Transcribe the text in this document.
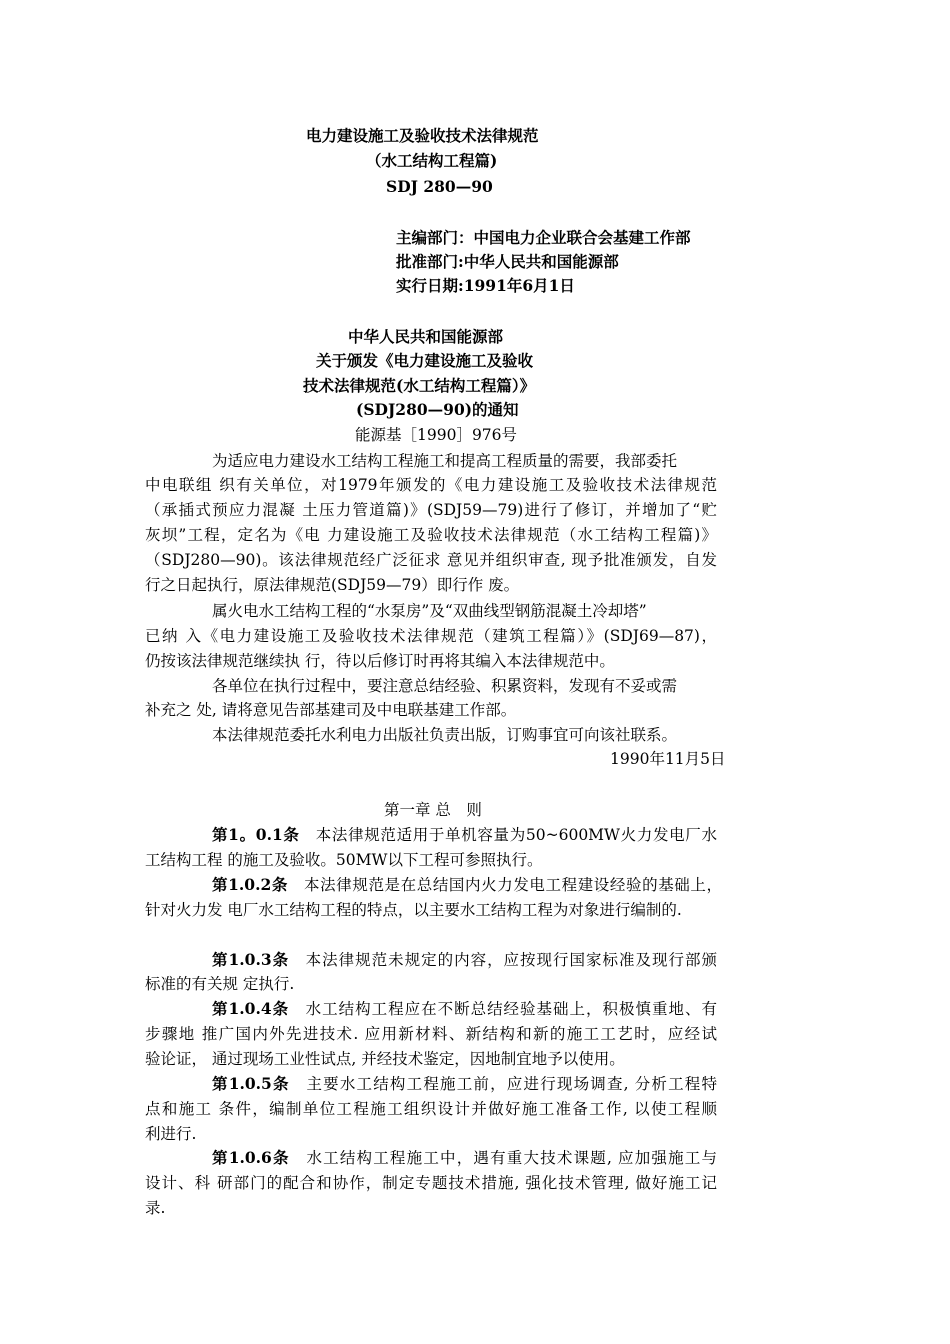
电力建设施工及验收技术法律规范
（水工结构工程篇)
SDJ 280—90
主编部门：中国电力企业联合会基建工作部
批准部门:中华人民共和国能源部
实行日期:1991年6月1日
中华人民共和国能源部
关于颁发《电力建设施工及验收
技术法律规范(水工结构工程篇）》
(SDJ280—90)的通知
能源基［1990］976号
为适应电力建设水工结构工程施工和提高工程质量的需要，我部委托
中电联组 织有关单位，对1979年颁发的《电力建设施工及验收技术法律规范
（承插式预应力混凝 土压力管道篇)》(SDJ59—79)进行了修订，并增加了“贮
灰坝”工程，定名为《电 力建设施工及验收技术法律规范（水工结构工程篇)》
（SDJ280—90)。该法律规范经广泛征求 意见并组织审查, 现予批准颁发，自发
行之日起执行，原法律规范(SDJ59—79）即行作 废。
属火电水工结构工程的“水泵房”及“双曲线型钢筋混凝土冷却塔”
已纳 入《电力建设施工及验收技术法律规范（建筑工程篇）》(SDJ69—87)，
仍按该法律规范继续执 行，待以后修订时再将其编入本法律规范中。
各单位在执行过程中，要注意总结经验、积累资料，发现有不妥或需
补充之 处, 请将意见告部基建司及中电联基建工作部。
本法律规范委托水利电力出版社负责出版，订购事宜可向该社联系。
1990年11月5日
第一章 总　则
第1。0.1条　本法律规范适用于单机容量为50~600MW火力发电厂水
工结构工程 的施工及验收。50MW以下工程可参照执行。
第1.0.2条　本法律规范是在总结国内火力发电工程建设经验的基础上，
针对火力发 电厂水工结构工程的特点，以主要水工结构工程为对象进行编制的.
第1.0.3条　本法律规范未规定的内容，应按现行国家标准及现行部颁
标准的有关规 定执行.
第1.0.4条　水工结构工程应在不断总结经验基础上，积极慎重地、有
步骤地 推广国内外先进技术. 应用新材料、新结构和新的施工工艺时，应经试
验论证， 通过现场工业性试点, 并经技术鉴定，因地制宜地予以使用。
第1.0.5条　主要水工结构工程施工前，应进行现场调查, 分析工程特
点和施工 条件，编制单位工程施工组织设计并做好施工准备工作, 以使工程顺
利进行.
第1.0.6条　水工结构工程施工中，遇有重大技术课题, 应加强施工与
设计、科 研部门的配合和协作，制定专题技术措施, 强化技术管理, 做好施工记
录.
